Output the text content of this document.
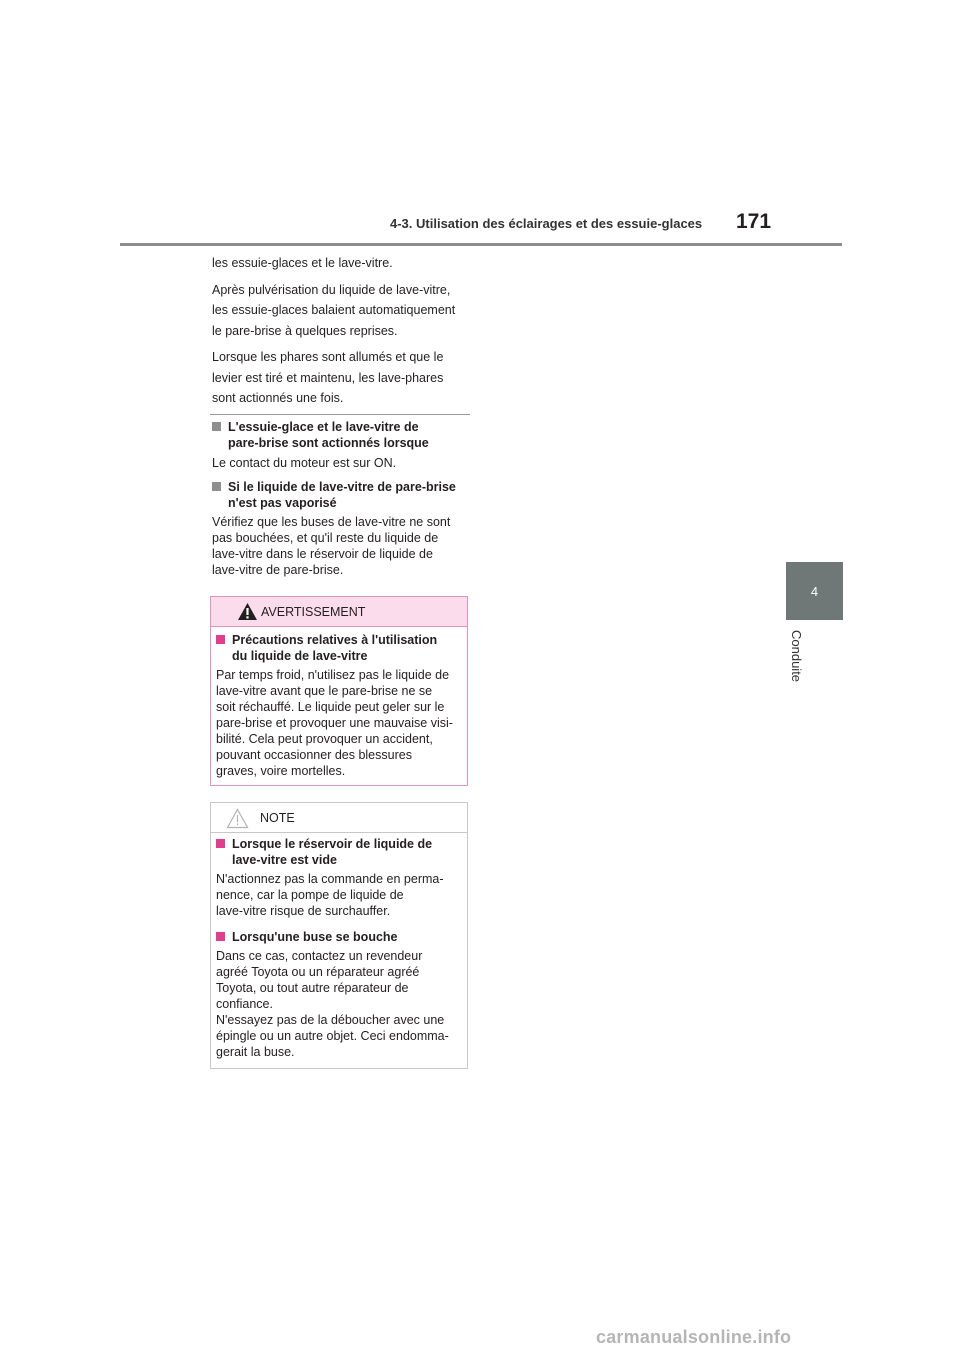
4-3. Utilisation des éclairages et des essuie-glaces 171
4
Conduite

les essuie-glaces et le lave-vitre.

Après pulvérisation du liquide de lave-vitre,

les essuie-glaces balaient automatiquement

le pare-brise à quelques reprises.

Lorsque les phares sont allumés et que le

levier est tiré et maintenu, les lave-phares

sont actionnés une fois.

L'essuie-glace et le lave-vitre de
pare-brise sont actionnés lorsque
Le contact du moteur est sur ON.
Si le liquide de lave-vitre de pare-brise
n'est pas vaporisé
Vérifiez que les buses de lave-vitre ne sont
pas bouchées, et qu'il reste du liquide de
lave-vitre dans le réservoir de liquide de
lave-vitre de pare-brise.
AVERTISSEMENT
Précautions relatives à l'utilisation
du liquide de lave-vitre
Par temps froid, n'utilisez pas le liquide de
lave-vitre avant que le pare-brise ne se
soit réchauffé. Le liquide peut geler sur le
pare-brise et provoquer une mauvaise visi-
bilité. Cela peut provoquer un accident,
pouvant occasionner des blessures
graves, voire mortelles.
NOTE
Lorsque le réservoir de liquide de
lave-vitre est vide
N'actionnez pas la commande en perma-
nence, car la pompe de liquide de
lave-vitre risque de surchauffer.
Lorsqu'une buse se bouche
Dans ce cas, contactez un revendeur
agréé Toyota ou un réparateur agréé
Toyota, ou tout autre réparateur de
confiance.
N'essayez pas de la déboucher avec une
épingle ou un autre objet. Ceci endomma-
gerait la buse.
carmanualsonline.info
